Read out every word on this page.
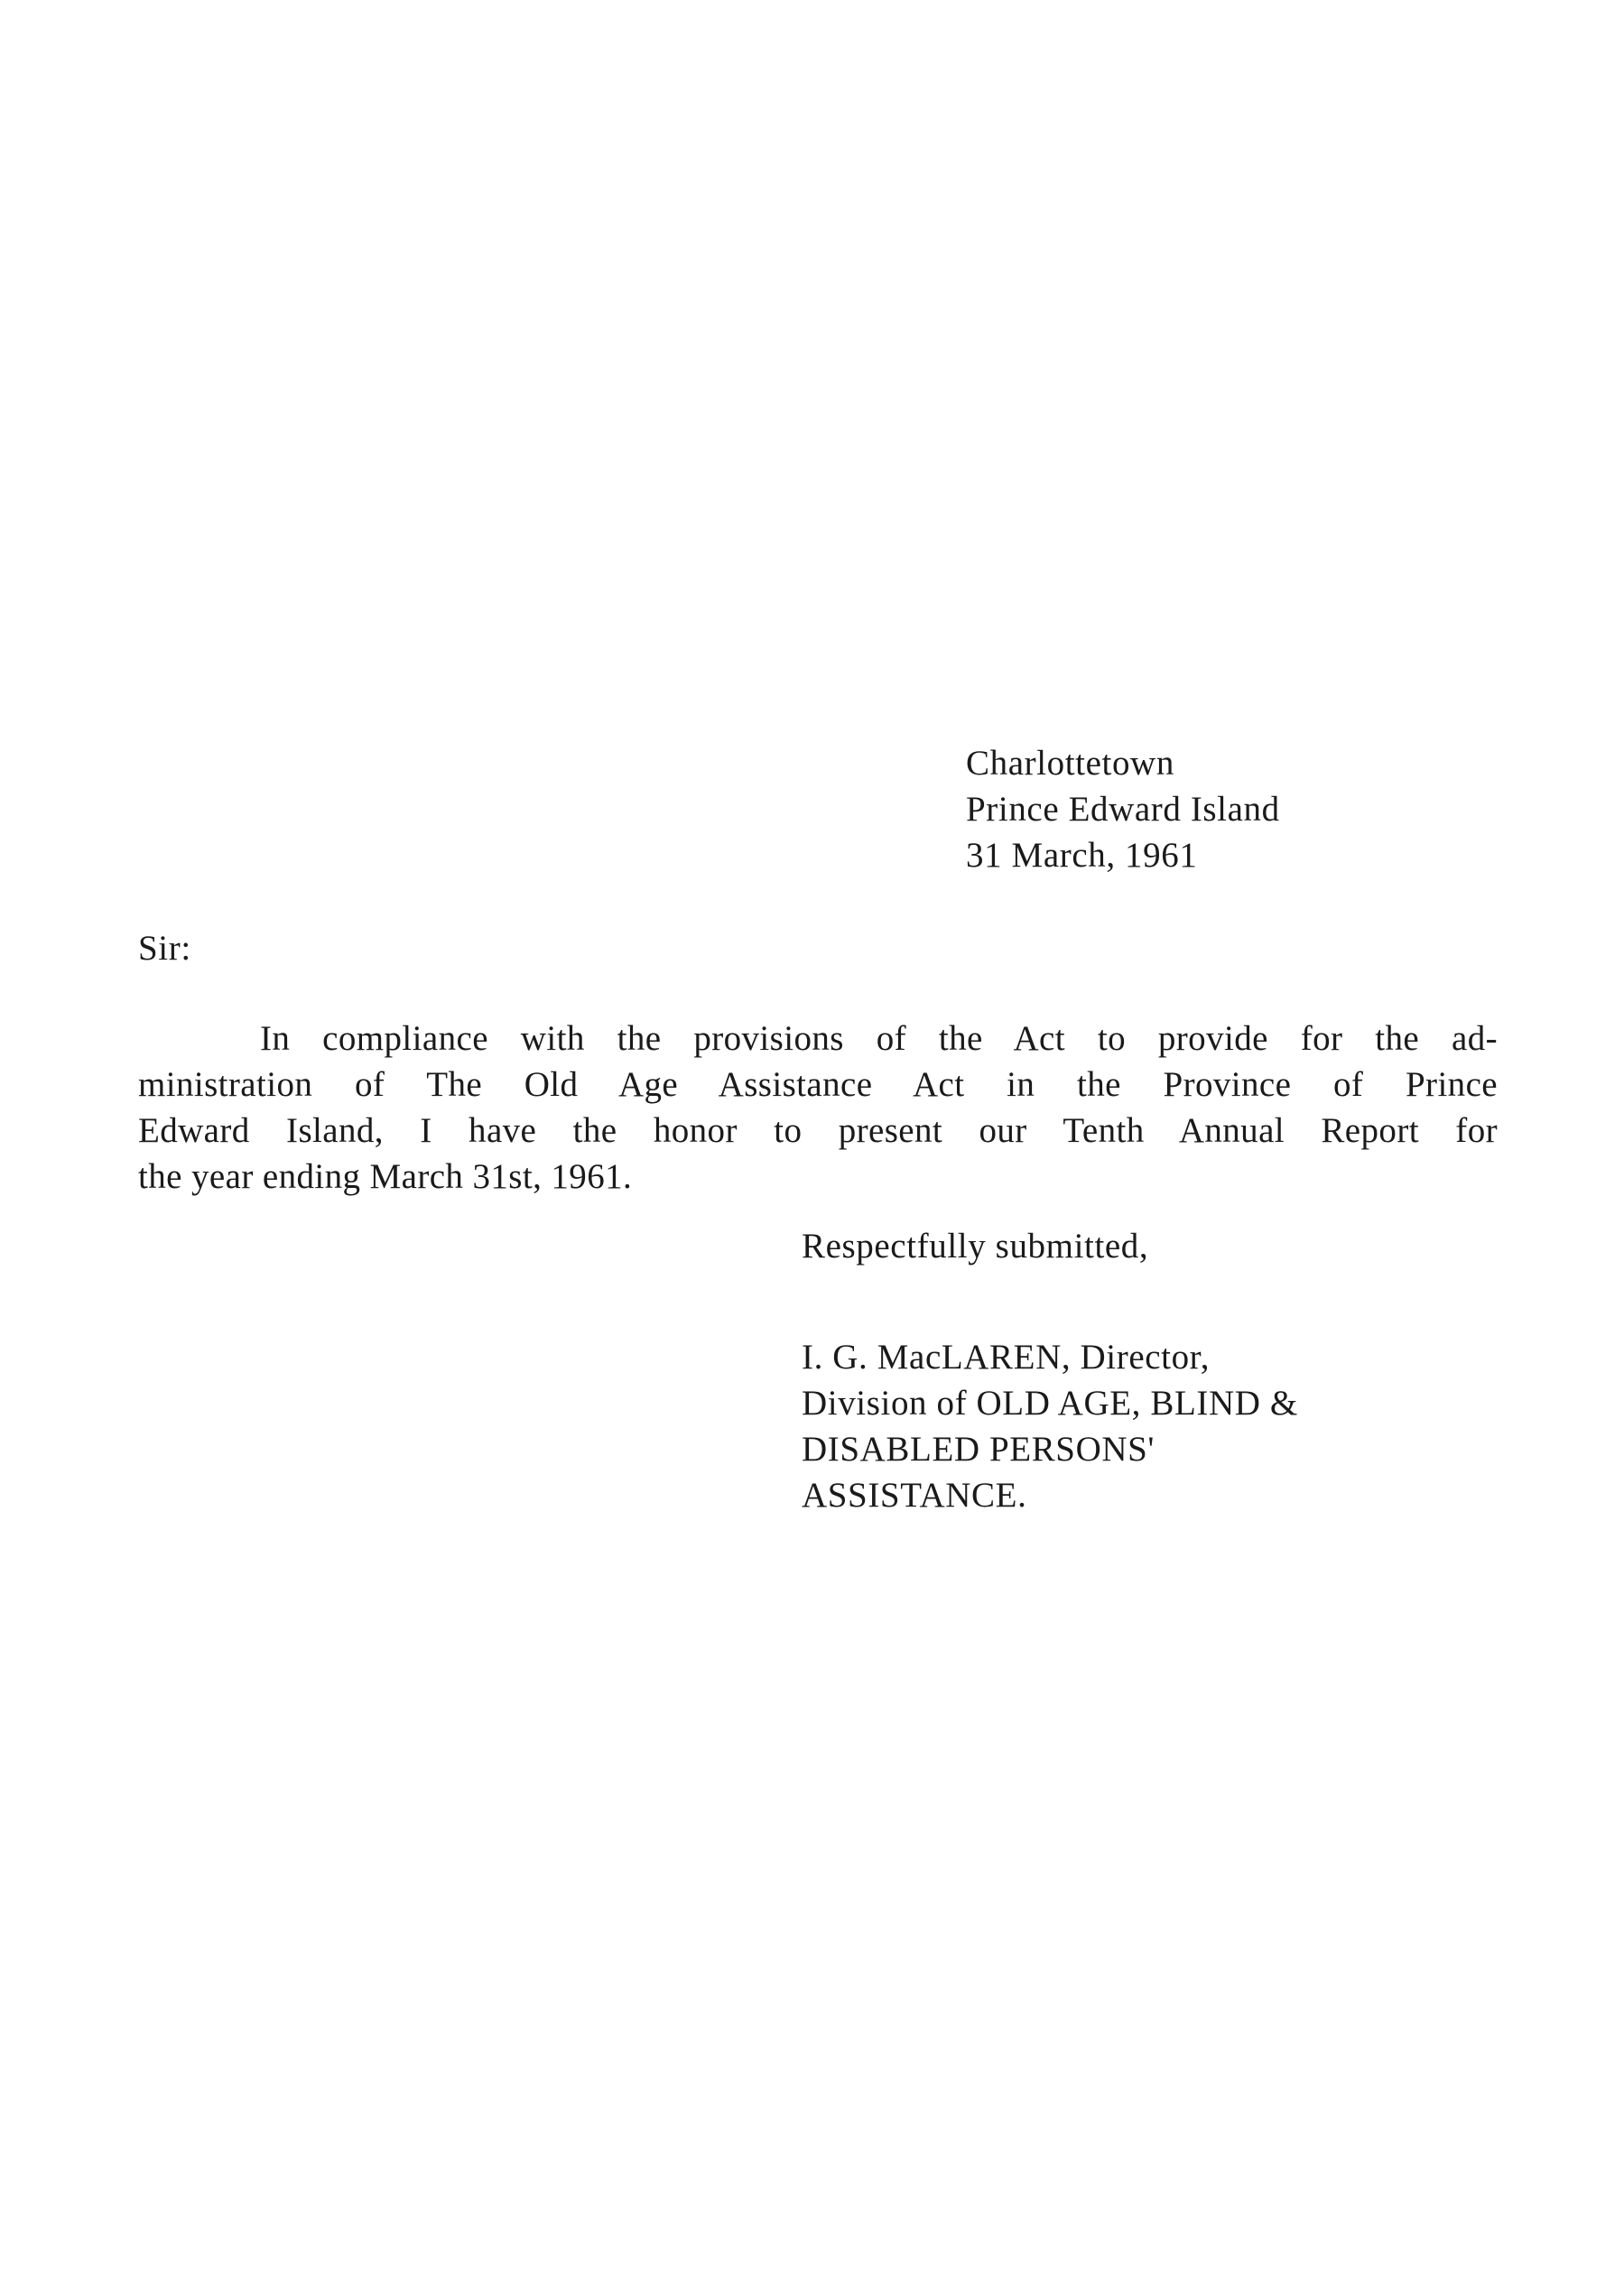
Charlottetown
Prince Edward Island
31 March, 1961
Sir:
In compliance with the provisions of the Act to provide for the ad-
ministration of The Old Age Assistance Act in the Province of Prince
Edward Island, I have the honor to present our Tenth Annual Report for
the year ending March 31st, 1961.
Respectfully submitted,
I. G. MacLAREN, Director,
Division of OLD AGE, BLIND &
DISABLED PERSONS'
ASSISTANCE.
